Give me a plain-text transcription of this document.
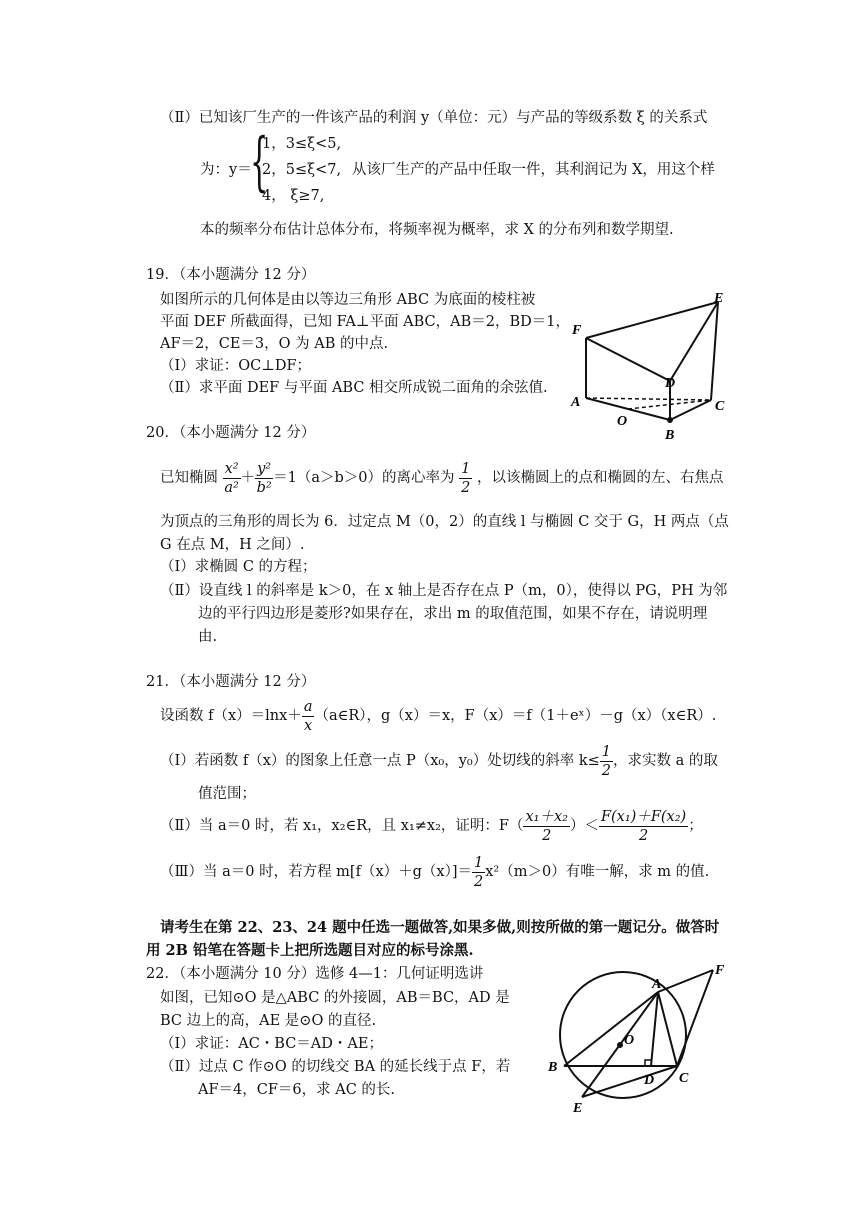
（Ⅱ）已知该厂生产的一件该产品的利润 y（单位：元）与产品的等级系数 ξ 的关系式
为：y＝
{
1，3≤ξ<5,
2，5≤ξ<7, 从该厂生产的产品中任取一件，其利润记为 X，用这个样
4， ξ≥7,
本的频率分布估计总体分布，将频率视为概率，求 X 的分布列和数学期望.
19．（本小题满分 12 分）
如图所示的几何体是由以等边三角形 ABC 为底面的棱柱被
平面 DEF 所截面得，已知 FA⊥平面 ABC，AB＝2，BD＝1，
AF＝2，CE＝3，O 为 AB 的中点.
（Ⅰ）求证：OC⊥DF；
（Ⅱ）求平面 DEF 与平面 ABC 相交所成锐二面角的余弦值.
E
F
D
A	C
O
B
20．（本小题满分 12 分）
已知椭圆 $\frac{\text{x²}}{\text{a²}} + \frac{\text{y²}}{\text{b²}} =1(a>b>0)$的离心率为 $\frac{1}{2}$ ，以该椭圆上的点和椭圆的左、右焦点
为顶点的三角形的周长为 6．过定点 M（0，2）的直线 l 与椭圆 C 交于 G，H 两点（点
G 在点 M，H 之间）.
（Ⅰ）求椭圆 C 的方程；
（Ⅱ）设直线 l 的斜率是 k＞0，在 x 轴上是否存在点 P（m，0），使得以 PG，PH 为邻
边的平行四边形是菱形?如果存在，求出 m 的取值范围，如果不存在，请说明理
由.
21．（本小题满分 12 分）
设函数 $f(x)=\ln x+ \frac{a}{x}$ （a∈R），g（x）＝x，F（x）＝f（1＋eˣ）－g（x）（x∈R）.
（Ⅰ）若函数 f（x）的图象上任意一点 P（x₀，y₀）处切线的斜率 $k\le \frac{1}{2}$ ，求实数 a 的取
值范围；
（Ⅱ）当 a＝0 时，若 x₁，x₂∈R，且 x₁≠x₂，证明：$F( \frac{\text{x₁＋x₂}}{2}$ ）＜ $\frac{\text{F(x₁)＋F(x₂)}}{2}$ ；
（Ⅲ）当 a＝0 时，若方程 $m[f(x)+g(x)]= \frac{1}{2} x^2(m>0)$有唯一解，求 m 的值.
请考生在第 22、23、24 题中任选一题做答,如果多做,则按所做的第一题记分。做答时
用 2B 铅笔在答题卡上把所选题目对应的标号涂黑.
22．（本小题满分 10 分）选修 4—1：几何证明选讲
如图，已知⊙O 是△ABC 的外接圆，AB＝BC，AD 是
BC 边上的高，AE 是⊙O 的直径.
（Ⅰ）求证：AC・BC＝AD・AE；
（Ⅱ）过点 C 作⊙O 的切线交 BA 的延长线于点 F，若
AF＝4，CF＝6，求 AC 的长.
F
A
O
B
D C
E
